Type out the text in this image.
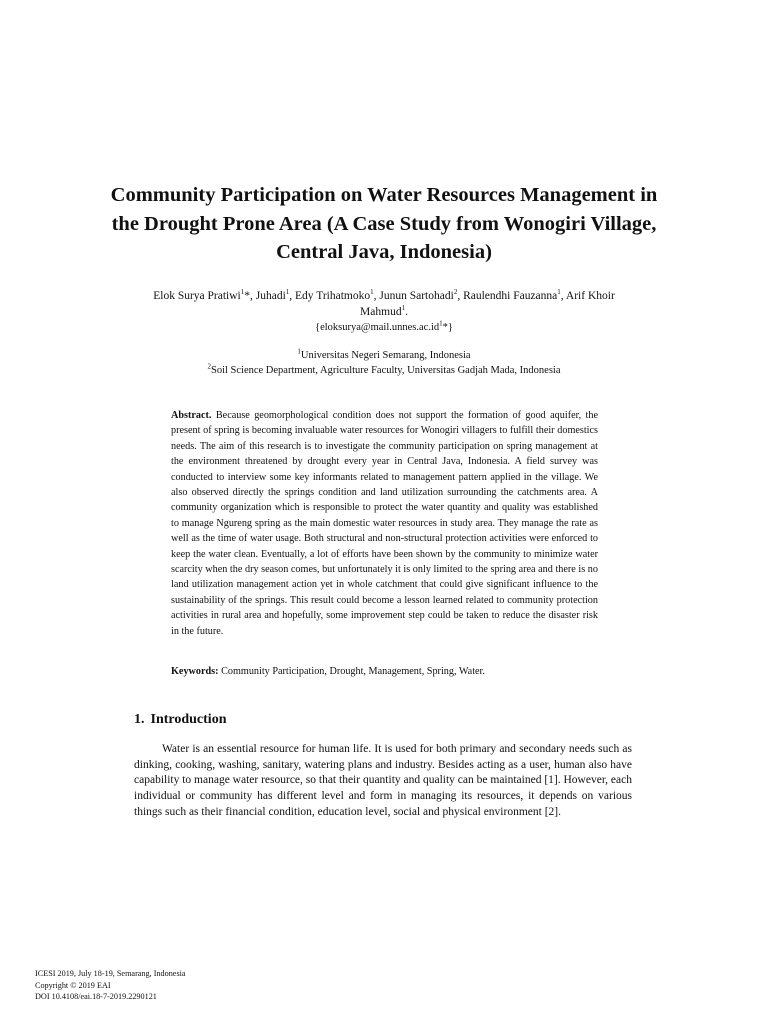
Community Participation on Water Resources Management in the Drought Prone Area (A Case Study from Wonogiri Village, Central Java, Indonesia)
Elok Surya Pratiwi$^1$*, Juhadi$^1$, Edy Trihatmoko$^1$, Junun Sartohadi$^2$, Raulendhi Fauzanna$^1$, Arif Khoir Mahmud$^1$.
$\{eloksurya@mail.unnes.ac.id^1*\}$
$^1$Universitas Negeri Semarang, Indonesia
$^2$Soil Science Department, Agriculture Faculty, Universitas Gadjah Mada, Indonesia
Abstract. Because geomorphological condition does not support the formation of good aquifer, the present of spring is becoming invaluable water resources for Wonogiri villagers to fulfill their domestics needs. The aim of this research is to investigate the community participation on spring management at the environment threatened by drought every year in Central Java, Indonesia. A field survey was conducted to interview some key informants related to management pattern applied in the village. We also observed directly the springs condition and land utilization surrounding the catchments area. A community organization which is responsible to protect the water quantity and quality was established to manage Ngureng spring as the main domestic water resources in study area. They manage the rate as well as the time of water usage. Both structural and non-structural protection activities were enforced to keep the water clean. Eventually, a lot of efforts have been shown by the community to minimize water scarcity when the dry season comes, but unfortunately it is only limited to the spring area and there is no land utilization management action yet in whole catchment that could give significant influence to the sustainability of the springs. This result could become a lesson learned related to community protection activities in rural area and hopefully, some improvement step could be taken to reduce the disaster risk in the future.
Keywords: Community Participation, Drought, Management, Spring, Water.
1. Introduction
Water is an essential resource for human life. It is used for both primary and secondary needs such as dinking, cooking, washing, sanitary, watering plans and industry. Besides acting as a user, human also have capability to manage water resource, so that their quantity and quality can be maintained [1]. However, each individual or community has different level and form in managing its resources, it depends on various things such as their financial condition, education level, social and physical environment [2].
ICESI 2019, July 18-19, Semarang, Indonesia
Copyright © 2019 EAI
DOI 10.4108/eai.18-7-2019.2290121
